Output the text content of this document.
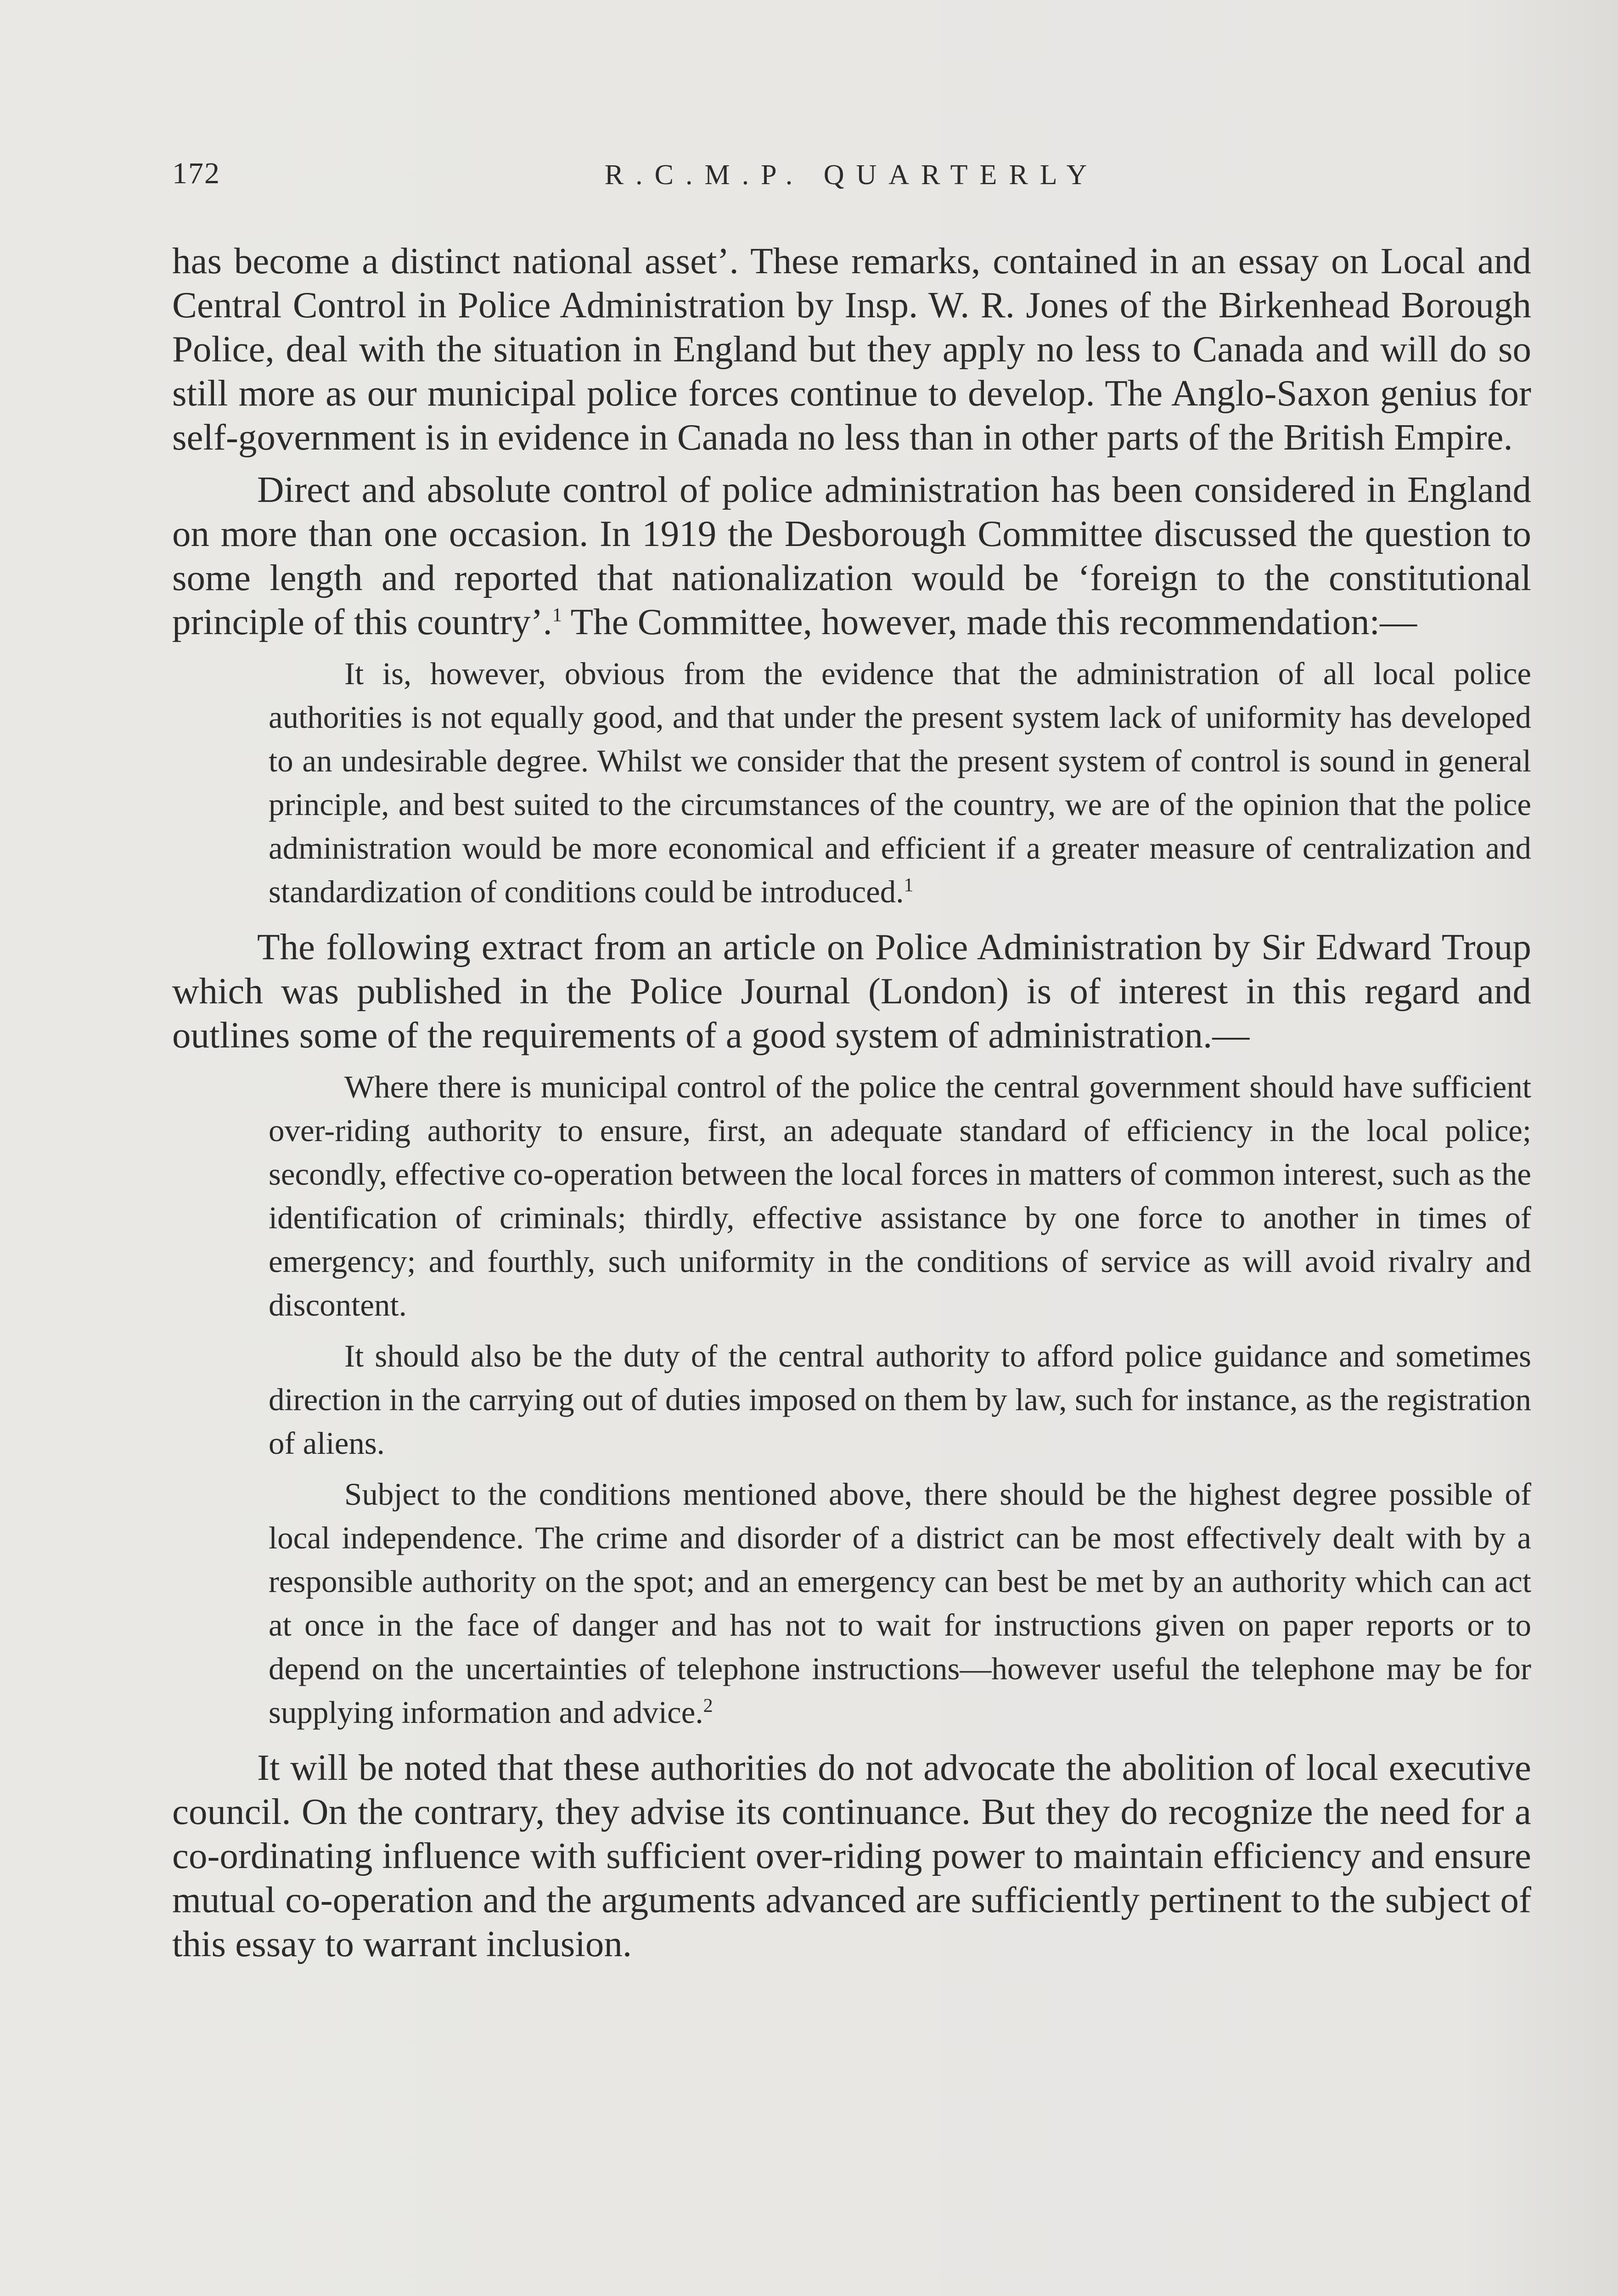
172	R.C.M.P. QUARTERLY

has become a distinct national asset’. These remarks, contained in an essay on Local and Central Control in Police Administration by Insp. W. R. Jones of the Birkenhead Borough Police, deal with the situation in England but they apply no less to Canada and will do so still more as our municipal police forces continue to develop. The Anglo-Saxon genius for self-government is in evidence in Canada no less than in other parts of the British Empire.

Direct and absolute control of police administration has been considered in England on more than one occasion. In 1919 the Desborough Committee discussed the question to some length and reported that nationalization would be ‘foreign to the constitutional principle of this country’.$^1$ The Committee, however, made this recommendation:—

It is, however, obvious from the evidence that the administration of all local police authorities is not equally good, and that under the present system lack of uniformity has developed to an undesirable degree. Whilst we consider that the present system of control is sound in general principle, and best suited to the circumstances of the country, we are of the opinion that the police administration would be more economical and efficient if a greater measure of centralization and standardization of conditions could be introduced.$^1$

The following extract from an article on Police Administration by Sir Edward Troup which was published in the Police Journal (London) is of interest in this regard and outlines some of the requirements of a good system of administration.—

Where there is municipal control of the police the central government should have sufficient over-riding authority to ensure, first, an adequate standard of efficiency in the local police; secondly, effective co-operation between the local forces in matters of common interest, such as the identification of criminals; thirdly, effective assistance by one force to another in times of emergency; and fourthly, such uniformity in the conditions of service as will avoid rivalry and discontent.

It should also be the duty of the central authority to afford police guidance and sometimes direction in the carrying out of duties imposed on them by law, such for instance, as the registration of aliens.

Subject to the conditions mentioned above, there should be the highest degree possible of local independence. The crime and disorder of a district can be most effectively dealt with by a responsible authority on the spot; and an emergency can best be met by an authority which can act at once in the face of danger and has not to wait for instructions given on paper reports or to depend on the uncertainties of telephone instructions—however useful the telephone may be for supplying information and advice.$^2$

It will be noted that these authorities do not advocate the abolition of local executive council. On the contrary, they advise its continuance. But they do recognize the need for a co-ordinating influence with sufficient over-riding power to maintain efficiency and ensure mutual co-operation and the arguments advanced are sufficiently pertinent to the subject of this essay to warrant inclusion.
